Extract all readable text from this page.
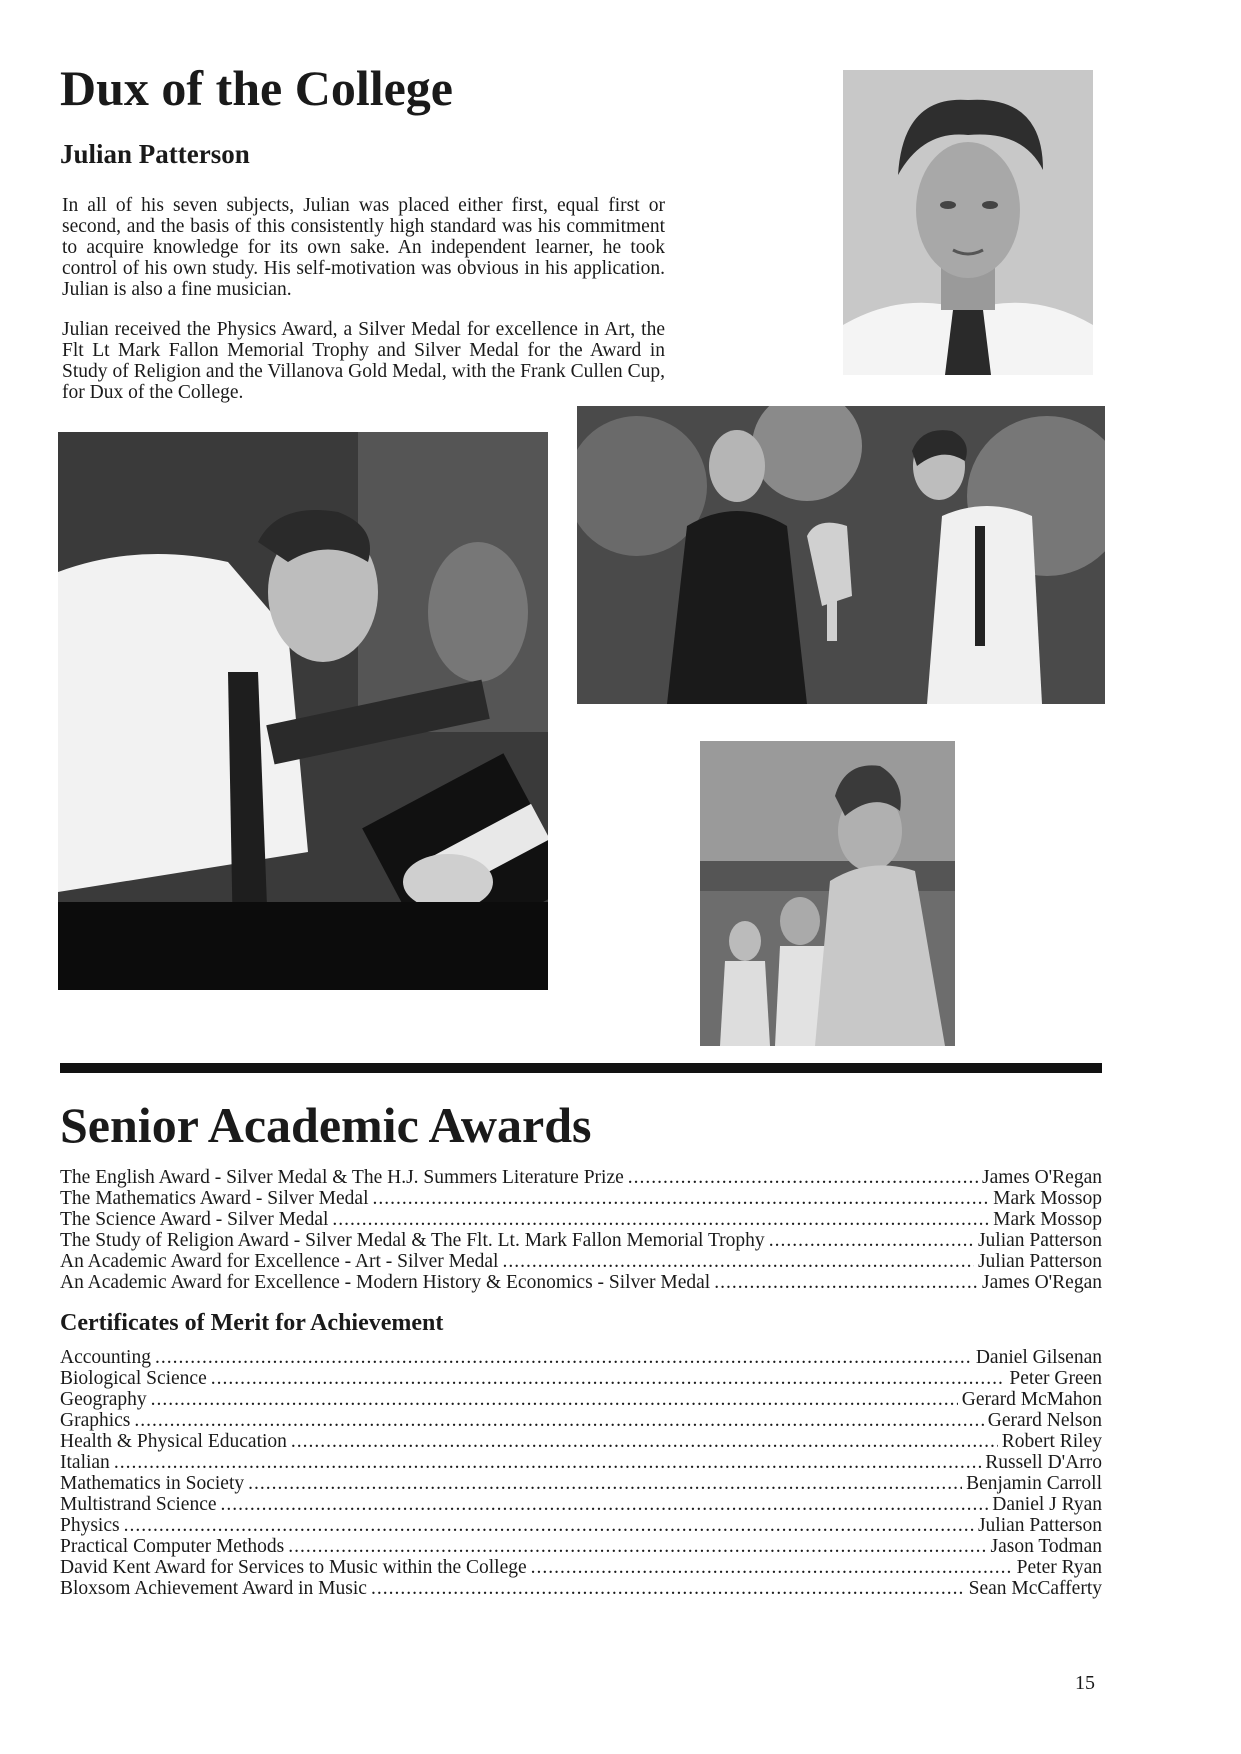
Dux of the College
Julian Patterson

In all of his seven subjects, Julian was placed either first, equal first or second, and the basis of this consistently high standard was his commitment to acquire knowledge for its own sake. An independent learner, he took control of his own study. His self-motivation was obvious in his application. Julian is also a fine musician.

Julian received the Physics Award, a Silver Medal for excellence in Art, the Flt Lt Mark Fallon Memorial Trophy and Silver Medal for the Award in Study of Religion and the Villanova Gold Medal, with the Frank Cullen Cup, for Dux of the College.

Senior Academic Awards
The English Award - Silver Medal & The H.J. Summers Literature Prize .....	James O'Regan
The Mathematics Award - Silver Medal .....	Mark Mossop
The Science Award - Silver Medal .....	Mark Mossop
The Study of Religion Award - Silver Medal & The Flt. Lt. Mark Fallon Memorial Trophy .....	Julian Patterson
An Academic Award for Excellence - Art - Silver Medal .....	Julian Patterson
An Academic Award for Excellence - Modern History & Economics - Silver Medal .....	James O'Regan
Certificates of Merit for Achievement
Accounting .....	Daniel Gilsenan
Biological Science .....	Peter Green
Geography .....	Gerard McMahon
Graphics .....	Gerard Nelson
Health & Physical Education .....	Robert Riley
Italian .....	Russell D'Arro
Mathematics in Society .....	Benjamin Carroll
Multistrand Science .....	Daniel J Ryan
Physics .....	Julian Patterson
Practical Computer Methods .....	Jason Todman
David Kent Award for Services to Music within the College .....	Peter Ryan
Bloxsom Achievement Award in Music .....	Sean McCafferty
15
